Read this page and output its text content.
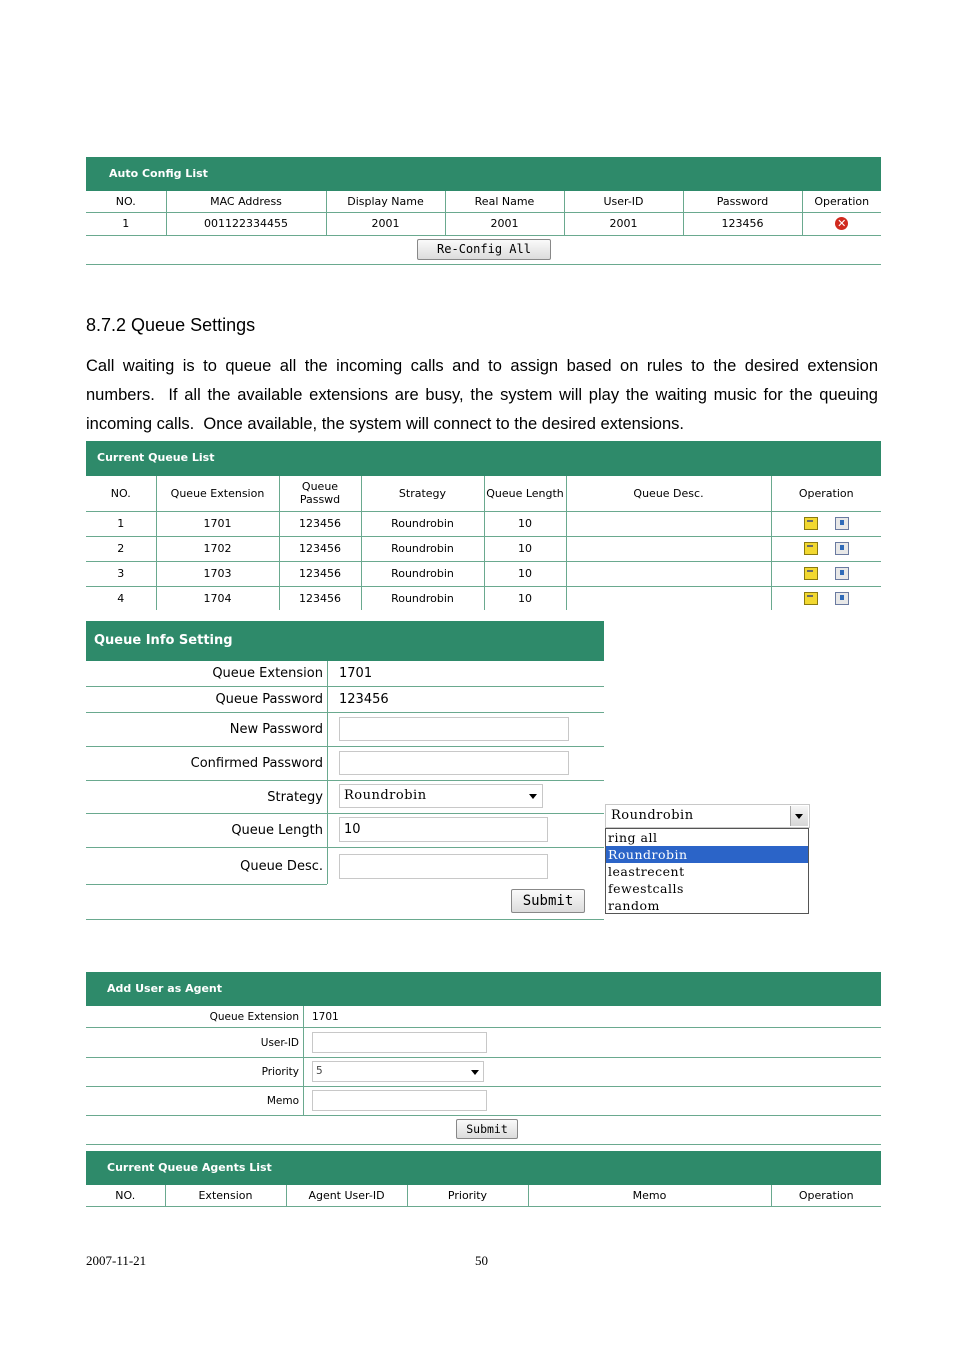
Auto Config List
NO.	MAC Address	Display Name	Real Name	User-ID	Password	Operation
1	001122334455	2001	2001	2001	123456	✕

Re-Config All
8.7.2 Queue Settings
Call waiting is to queue all the incoming calls and to assign based on rules to the desired extension numbers.  If all the available extensions are busy, the system will play the waiting music for the queuing incoming calls.  Once available, the system will connect to the desired extensions.
Current Queue List
NO.	Queue Extension	Queue Passwd	Strategy	Queue Length	Queue Desc.	Operation
1	1701	123456	Roundrobin	10		
2	1702	123456	Roundrobin	10		
3	1703	123456	Roundrobin	10		
4	1704	123456	Roundrobin	10		
Queue Info Setting
Queue Extension 1701
Queue Password 123456
New Password
Confirmed Password
Strategy Roundrobin
Queue Length 10
Queue Desc.
Submit
Roundrobin
ring all
Roundrobin
leastrecent
fewestcalls
random
Add User as Agent
Queue Extension 1701
User-ID
Priority 5
Memo
Submit
Current Queue Agents List
NO.	Extension	Agent User-ID	Priority	Memo	Operation
2007-11-21	50
